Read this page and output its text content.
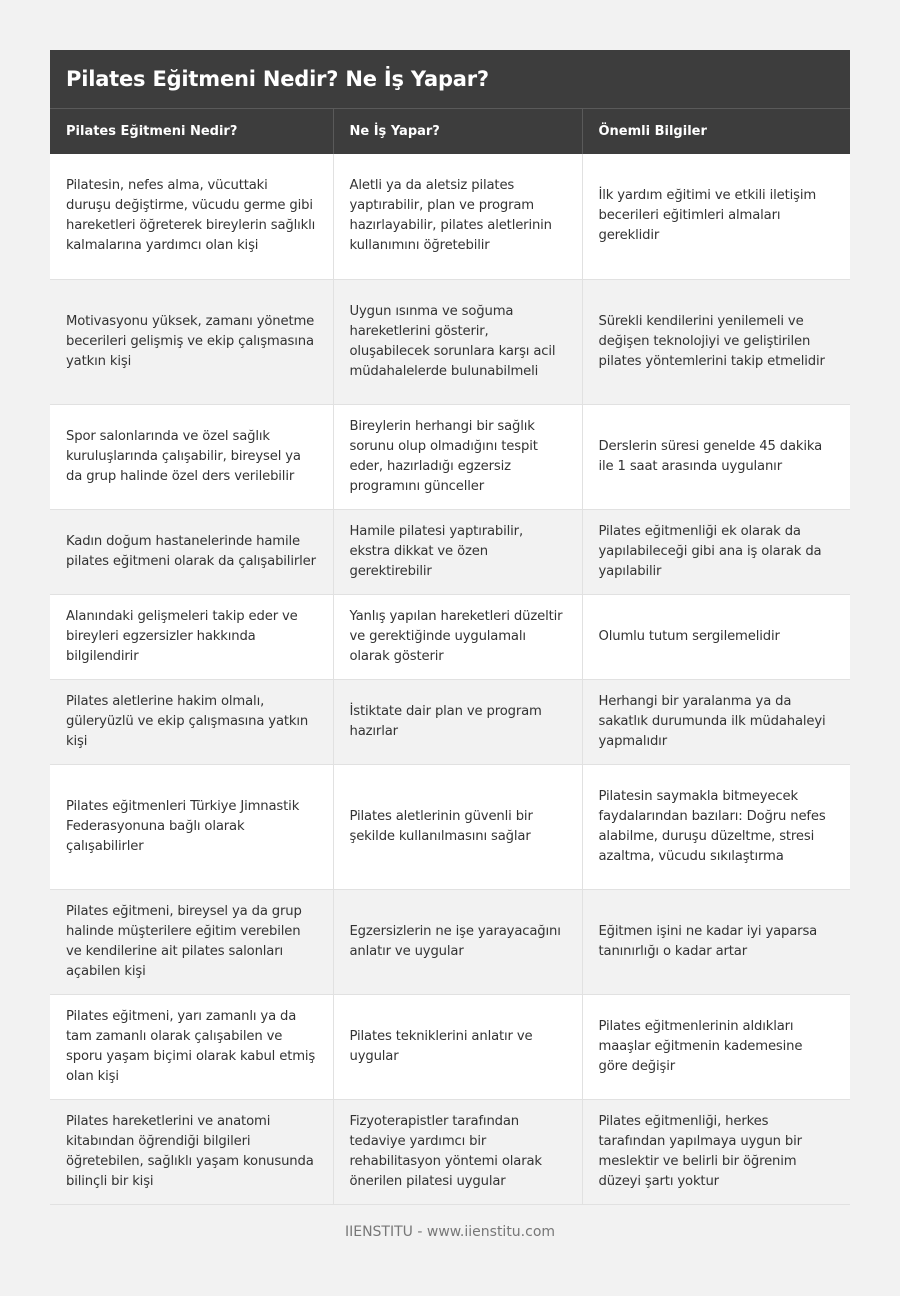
Pilates Eğitmeni Nedir? Ne İş Yapar?
Pilates Eğitmeni Nedir?	Ne İş Yapar?	Önemli Bilgiler
Pilatesin, nefes alma, vücuttaki duruşu değiştirme, vücudu germe gibi hareketleri öğreterek bireylerin sağlıklı kalmalarına yardımcı olan kişi	Aletli ya da aletsiz pilates yaptırabilir, plan ve program hazırlayabilir, pilates aletlerinin kullanımını öğretebilir	İlk yardım eğitimi ve etkili iletişim becerileri eğitimleri almaları gereklidir
Motivasyonu yüksek, zamanı yönetme becerileri gelişmiş ve ekip çalışmasına yatkın kişi	Uygun ısınma ve soğuma hareketlerini gösterir, oluşabilecek sorunlara karşı acil müdahalelerde bulunabilmeli	Sürekli kendilerini yenilemeli ve değişen teknolojiyi ve geliştirilen pilates yöntemlerini takip etmelidir
Spor salonlarında ve özel sağlık kuruluşlarında çalışabilir, bireysel ya da grup halinde özel ders verilebilir	Bireylerin herhangi bir sağlık sorunu olup olmadığını tespit eder, hazırladığı egzersiz programını günceller	Derslerin süresi genelde 45 dakika ile 1 saat arasında uygulanır
Kadın doğum hastanelerinde hamile pilates eğitmeni olarak da çalışabilirler	Hamile pilatesi yaptırabilir, ekstra dikkat ve özen gerektirebilir	Pilates eğitmenliği ek olarak da yapılabileceği gibi ana iş olarak da yapılabilir
Alanındaki gelişmeleri takip eder ve bireyleri egzersizler hakkında bilgilendirir	Yanlış yapılan hareketleri düzeltir ve gerektiğinde uygulamalı olarak gösterir	Olumlu tutum sergilemelidir
Pilates aletlerine hakim olmalı, güleryüzlü ve ekip çalışmasına yatkın kişi	İstiktate dair plan ve program hazırlar	Herhangi bir yaralanma ya da sakatlık durumunda ilk müdahaleyi yapmalıdır
Pilates eğitmenleri Türkiye Jimnastik Federasyonuna bağlı olarak çalışabilirler	Pilates aletlerinin güvenli bir şekilde kullanılmasını sağlar	Pilatesin saymakla bitmeyecek faydalarından bazıları: Doğru nefes alabilme, duruşu düzeltme, stresi azaltma, vücudu sıkılaştırma
Pilates eğitmeni, bireysel ya da grup halinde müşterilere eğitim verebilen ve kendilerine ait pilates salonları açabilen kişi	Egzersizlerin ne işe yarayacağını anlatır ve uygular	Eğitmen işini ne kadar iyi yaparsa tanınırlığı o kadar artar
Pilates eğitmeni, yarı zamanlı ya da tam zamanlı olarak çalışabilen ve sporu yaşam biçimi olarak kabul etmiş olan kişi	Pilates tekniklerini anlatır ve uygular	Pilates eğitmenlerinin aldıkları maaşlar eğitmenin kademesine göre değişir
Pilates hareketlerini ve anatomi kitabından öğrendiği bilgileri öğretebilen, sağlıklı yaşam konusunda bilinçli bir kişi	Fizyoterapistler tarafından tedaviye yardımcı bir rehabilitasyon yöntemi olarak önerilen pilatesi uygular	Pilates eğitmenliği, herkes tarafından yapılmaya uygun bir meslektir ve belirli bir öğrenim düzeyi şartı yoktur
IIENSTITU - www.iienstitu.com
